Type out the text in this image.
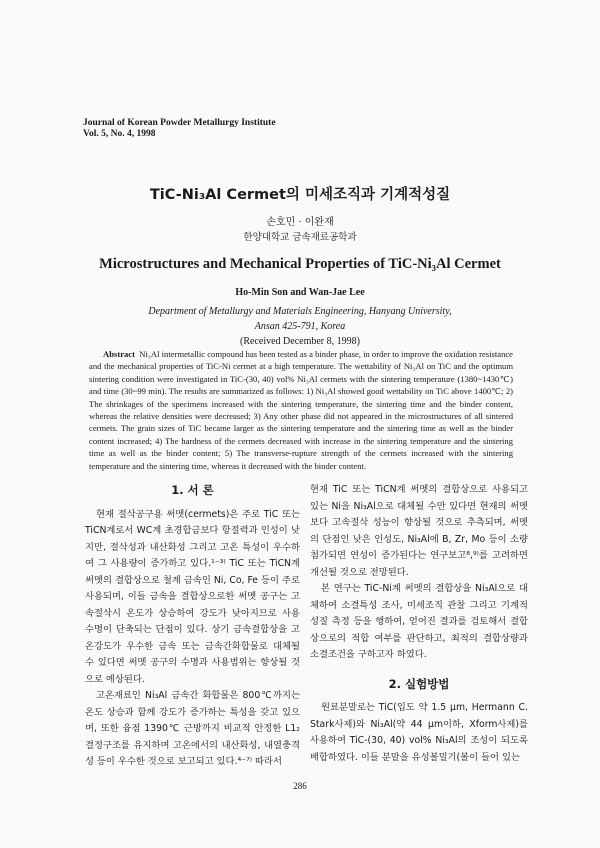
Journal of Korean Powder Metallurgy Institute
Vol. 5, No. 4, 1998
TiC-Ni₃Al Cermet의 미세조직과 기계적성질
손호민 · 이완재
한양대학교 금속재료공학과
Microstructures and Mechanical Properties of TiC-Ni₃Al Cermet
Ho-Min Son and Wan-Jae Lee
Department of Metallurgy and Materials Engineering, Hanyang University,
Ansan 425-791, Korea
(Received December 8, 1998)
Abstract Ni₃Al intermetallic compound has been tested as a binder phase, in order to improve the oxidation resistance and the mechanical properties of TiC-Ni cermet at a high temperature. The wettability of Ni₃Al on TiC and the optimum sintering condition were investigated in TiC-(30, 40) vol% Ni₃Al cermets with the sintering temperature (1380~1430℃) and time (30~99 min). The results are summarized as follows: 1) Ni₃Al showed good wettability on TiC above 1400℃; 2) The shrinkages of the specimens increased with the sintering temperature, the sintering time and the binder content, whereas the relative densities were decreased; 3) Any other phase did not appeared in the microstructures of all sintered cermets. The grain sizes of TiC became larger as the sintering temperature and the sintering time as well as the binder content increased; 4) The hardness of the cermets decreased with increase in the sintering temperature and the sintering time as well as the binder content; 5) The transverse-rupture strength of the cermets increased with the sintering temperature and the sintering time, whereas it decreased with the binder content.
1. 서 론

현재 절삭공구용 써멧(cermets)은 주로 TiC 또는 TiCN계로서 WC계 초경합금보다 항절력과 인성이 낮지만, 절삭성과 내산화성 그리고 고온 특성이 우수하여 그 사용량이 증가하고 있다.¹⁻³⁾ TiC 또는 TiCN계 써멧의 결합상으로 철계 금속인 Ni, Co, Fe 등이 주로 사용되며, 이들 금속을 결합상으로한 써멧 공구는 고속절삭시 온도가 상승하여 강도가 낮아지므로 사용 수명이 단축되는 단점이 있다. 상기 금속결합상을 고온강도가 우수한 금속 또는 금속간화합물로 대체될 수 있다면 써멧 공구의 수명과 사용범위는 향상될 것으로 예상된다.

고온재료인 Ni₃Al 금속간 화합물은 800℃까지는 온도 상승과 함께 강도가 증가하는 특성을 갖고 있으며, 또한 융점 1390℃ 근방까지 비교적 안정한 L1₂ 결정구조를 유지하며 고온에서의 내산화성, 내열충격성 등이 우수한 것으로 보고되고 있다.⁴⁻⁷⁾ 따라서

현재 TiC 또는 TiCN계 써멧의 결합상으로 사용되고 있는 Ni을 Ni₃Al으로 대체될 수만 있다면 현재의 써멧보다 고속절삭 성능이 향상될 것으로 추측되며, 써멧의 단점인 낮은 인성도, Ni₃Al에 B, Zr, Mo 등이 소량 첨가되면 연성이 증가된다는 연구보고⁸,⁹⁾를 고려하면 개선될 것으로 전망된다.

본 연구는 TiC-Ni계 써멧의 결합상을 Ni₃Al으로 대체하여 소결특성 조사, 미세조직 관찰 그리고 기계적 성질 측정 등을 행하여, 얻어진 결과를 검토해서 결합상으로의 적합 여부를 판단하고, 최적의 결합상량과 소결조건을 구하고자 하였다.

2. 실험방법

원료분말로는 TiC(입도 약 1.5 μm, Hermann C. Stark사제)와 Ni₃Al(약 44 μm이하, Xform사제)를 사용하여 TiC-(30, 40) vol% Ni₃Al의 조성이 되도록 배합하였다. 이들 분말을 유성볼밀기(볼이 들어 있는

286
